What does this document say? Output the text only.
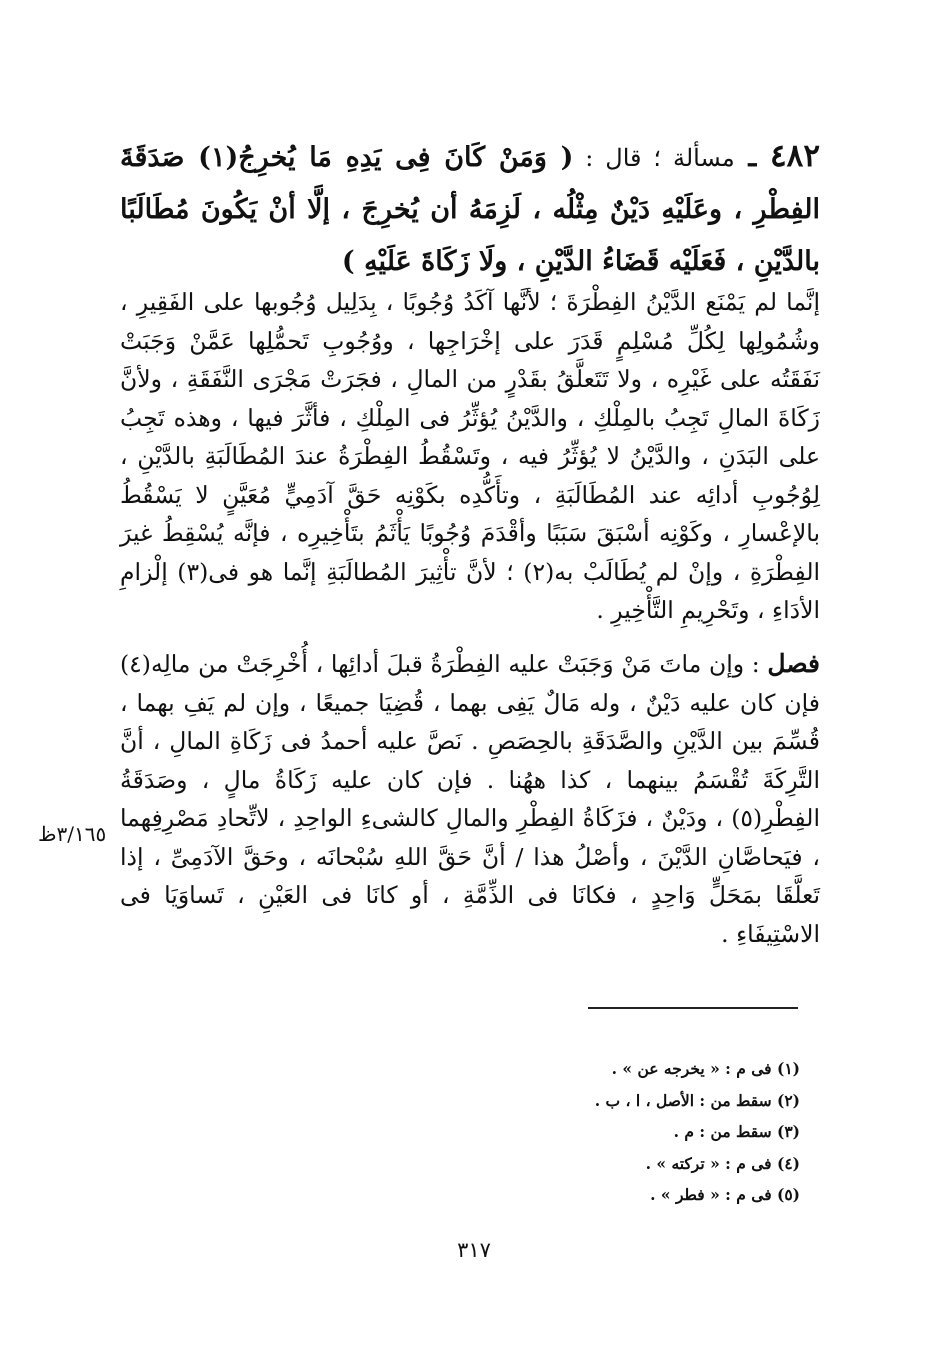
٤٨٢ ـ مسألة ؛ قال : ( وَمَنْ كَانَ فِى يَدِهِ مَا يُخرِجُ(١) صَدَقَةَ الفِطْرِ ، وعَلَيْهِ دَيْنٌ مِثْلُه ، لَزِمَهُ أن يُخرِجَ ، إلَّا أنْ يَكُونَ مُطَالَبًا بالدَّيْنِ ، فَعَلَيْه قَضَاءُ الدَّيْنِ ، ولَا زَكَاةَ عَلَيْهِ )
إنَّما لم يَمْنَع الدَّيْنُ الفِطْرَةَ ؛ لأنَّها آكَدُ وُجُوبًا ، بِدَلِيل وُجُوبها على الفَقِيرِ ، وشُمُولِها لِكُلِّ مُسْلِمٍ قَدَرَ على إخْرَاجِها ، ووُجُوبِ تَحمُّلِها عَمَّنْ وَجَبَتْ نَفَقَتُه على غَيْرِه ، ولا تَتَعلَّقُ بقَدْرٍ من المالِ ، فجَرَتْ مَجْرَى النَّفَقَةِ ، ولأنَّ زَكَاةَ المالِ تَجِبُ بالمِلْكِ ، والدَّيْنُ يُؤثِّرُ فى المِلْكِ ، فأثَّرَ فيها ، وهذه تَجِبُ على البَدَنِ ، والدَّيْنُ لا يُؤثِّرُ فيه ، وتَسْقُطُ الفِطْرَةُ عندَ المُطَالَبَةِ بالدَّيْنِ ، لِوُجُوبِ أدائِه عند المُطَالَبَةِ ، وتأَكُّدِه بكَوْنِه حَقَّ آدَمِيٍّ مُعَيَّنٍ لا يَسْقُطُ بالإعْسارِ ، وكَوْنِه أسْبَقَ سَبَبًا وأقْدَمَ وُجُوبًا يَأْثَمُ بتَأْخِيرِه ، فإنَّه يُسْقِطُ غيرَ الفِطْرَةِ ، وإنْ لم يُطَالَبْ به(٢) ؛ لأنَّ تأْثِيرَ المُطالَبَةِ إنَّما هو فى(٣) إلْزامِ الأدَاءِ ، وتَحْرِيمِ التَّأْخِيرِ .
فصل : وإن ماتَ مَنْ وَجَبَتْ عليه الفِطْرَةُ قبلَ أدائِها ، أُخْرِجَتْ من مالِه(٤) فإن كان عليه دَيْنٌ ، وله مَالٌ يَفِى بهما ، قُضِيَا جميعًا ، وإن لم يَفِ بهما ، قُسِّمَ بين الدَّيْنِ والصَّدَقَةِ بالحِصَصِ . نَصَّ عليه أحمدُ فى زَكَاةِ المالِ ، أنَّ التَّرِكَةَ تُقْسَمُ بينهما ، كذا ههُنا . فإن كان عليه زَكَاةُ مالٍ ، وصَدَقَةُ الفِطْرِ(٥) ، ودَيْنٌ ، فزَكَاةُ الفِطْرِ والمالِ كالشىءِ الواحِدِ ، لاتِّحادِ مَصْرِفِهما ، فيَحاصَّانِ الدَّيْنَ ، وأصْلُ هذا / أنَّ حَقَّ اللهِ سُبْحانَه ، وحَقَّ الآدَمِىِّ ، إذا تَعلَّقَا بمَحَلٍّ وَاحِدٍ ، فكانَا فى الذِّمَّةِ ، أو كانَا فى العَيْنِ ، تَساوَيَا فى الاسْتِيفَاءِ .
٣/١٦٥ظ
(١) فى م : « يخرجه عن » .
(٢) سقط من : الأصل ، ا ، ب .
(٣) سقط من : م .
(٤) فى م : « تركته » .
(٥) فى م : « فطر » .
٣١٧
